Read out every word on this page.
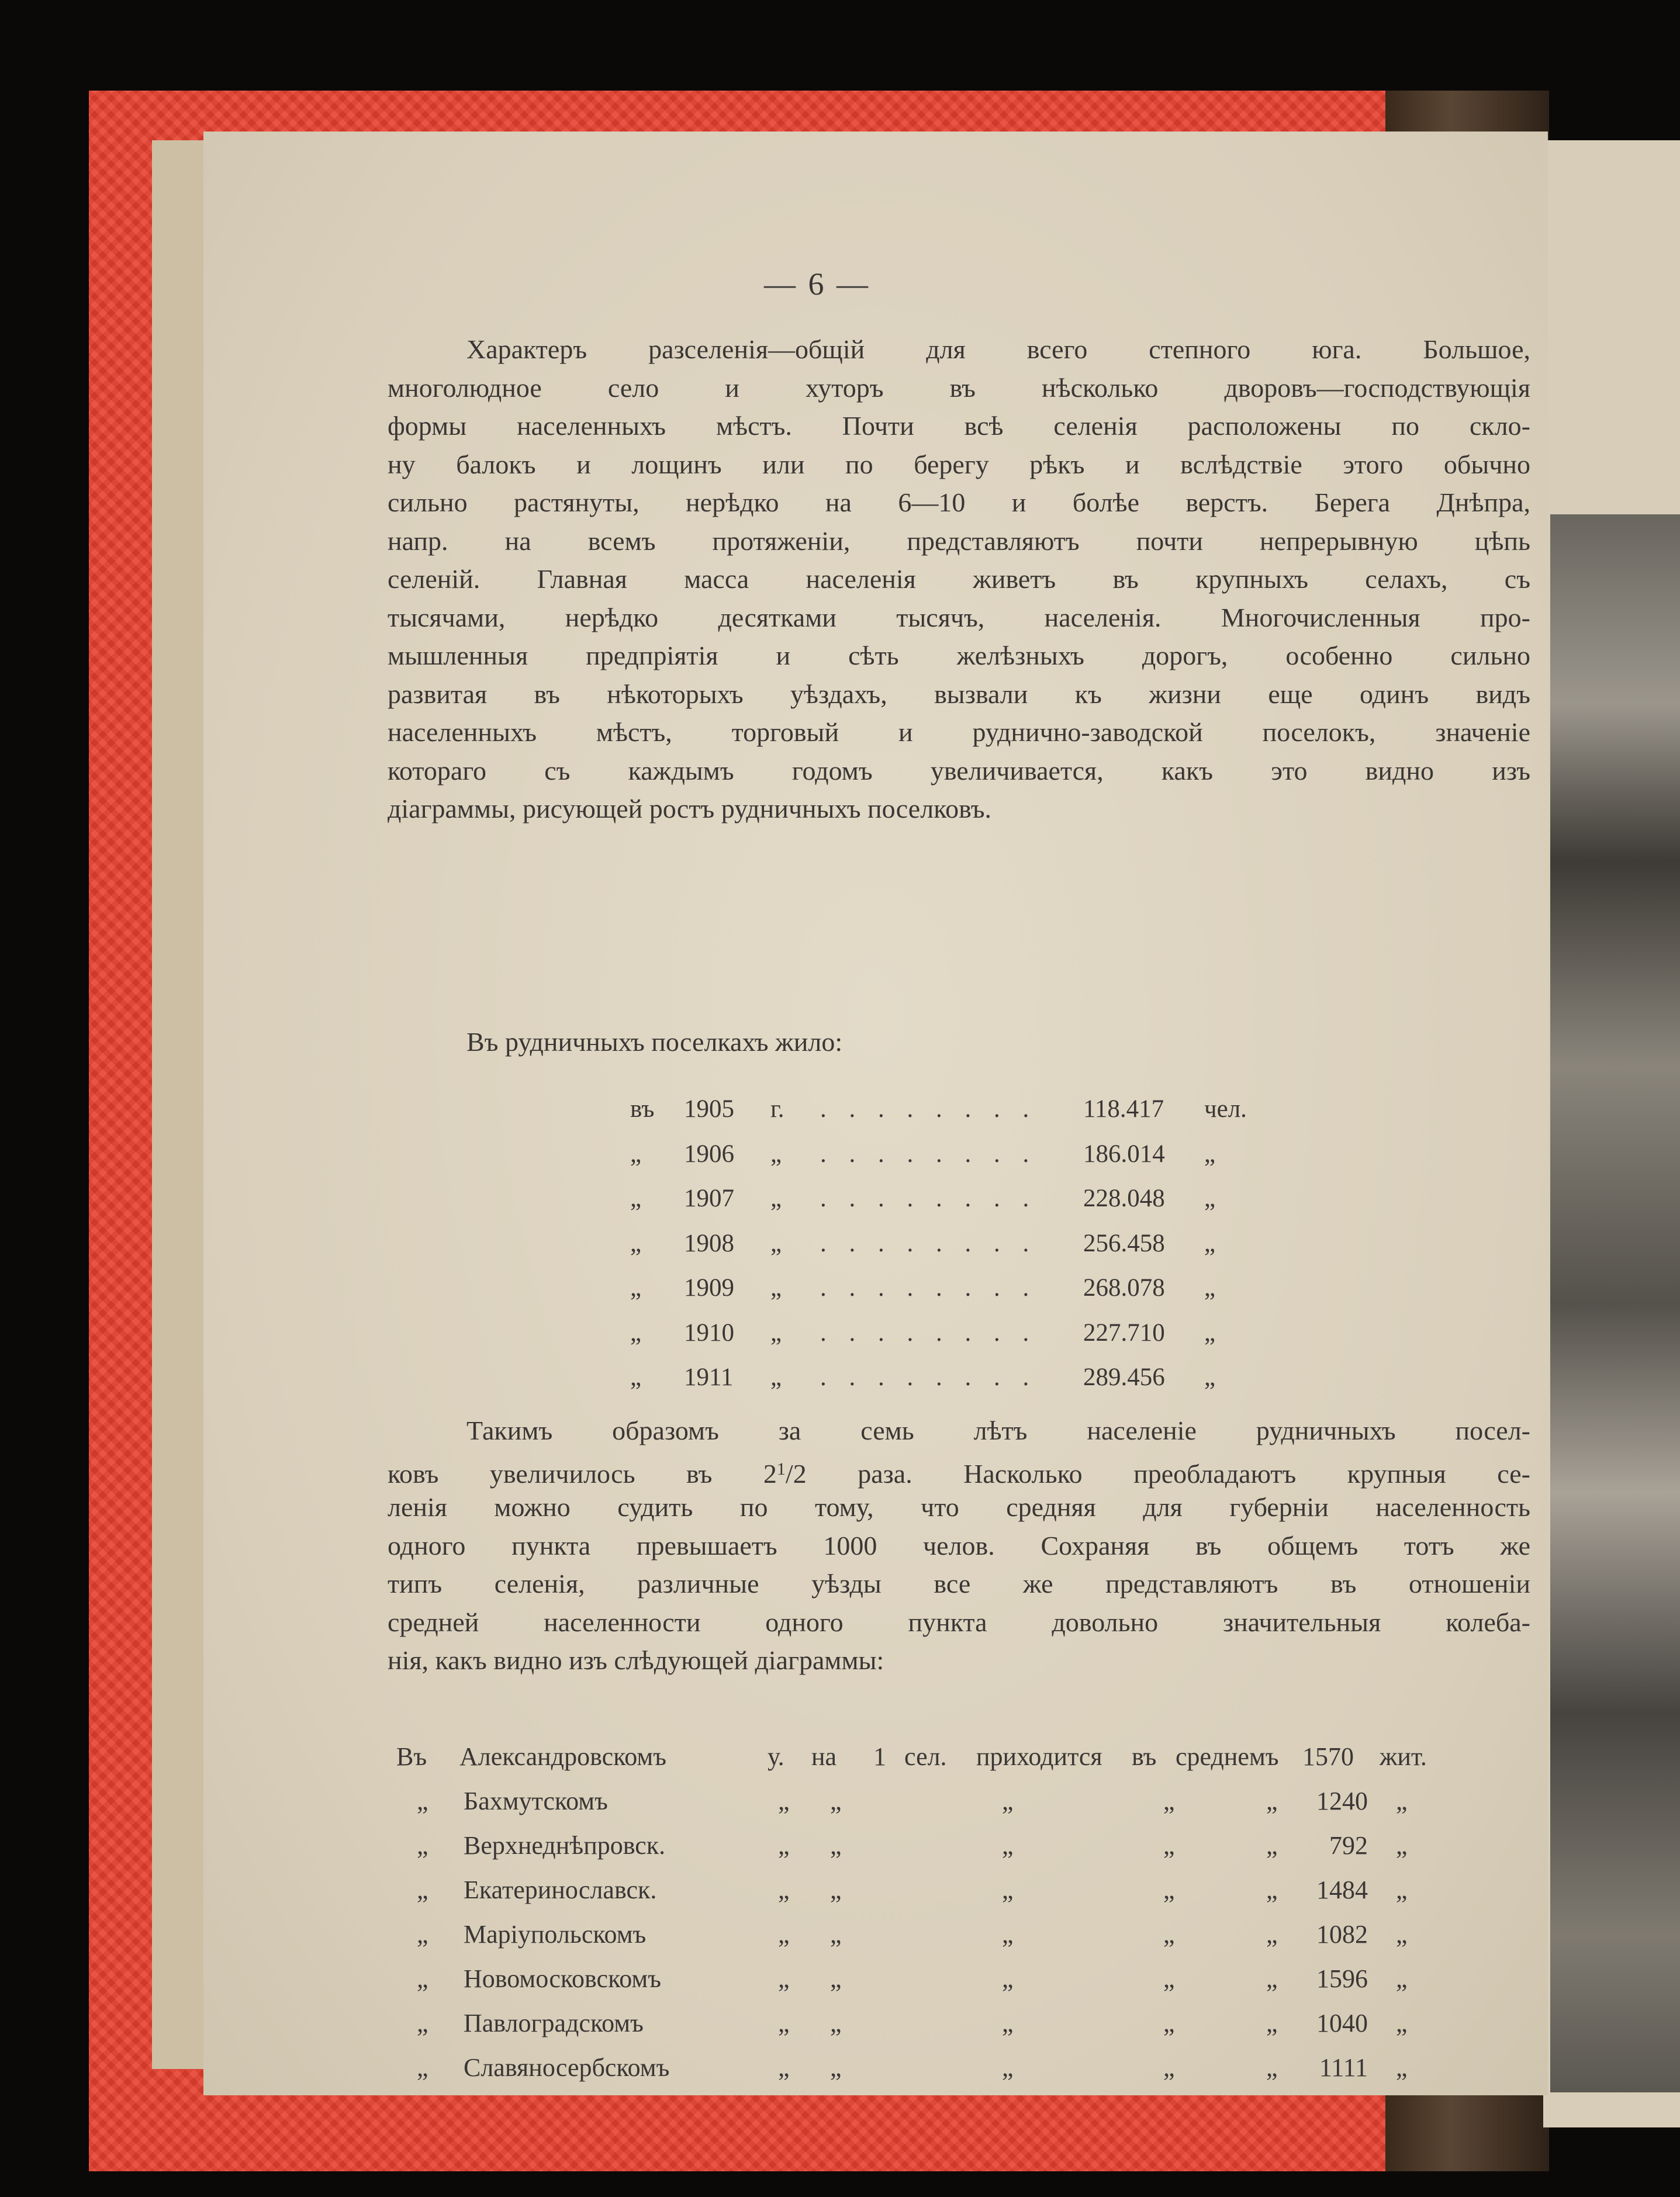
— 6 —
Характеръ разселенія—общій для всего степного юга. Большое,
многолюдное село и хуторъ въ нѣсколько дворовъ—господствующія
формы населенныхъ мѣстъ. Почти всѣ селенія расположены по скло-
ну балокъ и лощинъ или по берегу рѣкъ и вслѣдствіе этого обычно
сильно растянуты, нерѣдко на 6—10 и болѣе верстъ. Берега Днѣпра,
напр. на всемъ протяженіи, представляютъ почти непрерывную цѣпь
селеній. Главная масса населенія живетъ въ крупныхъ селахъ, съ
тысячами, нерѣдко десятками тысячъ, населенія. Многочисленныя про-
мышленныя предпріятія и сѣть желѣзныхъ дорогъ, особенно сильно
развитая въ нѣкоторыхъ уѣздахъ, вызвали къ жизни еще одинъ видъ
населенныхъ мѣстъ, торговый и руднично-заводской поселокъ, значеніе
котораго съ каждымъ годомъ увеличивается, какъ это видно изъ
діаграммы, рисующей ростъ рудничныхъ поселковъ.
Въ рудничныхъ поселкахъ жило:
въ 1905 г. . . . . . . . . 118.417 чел.
„ 1906 „ . . . . . . . . 186.014 „
„ 1907 „ . . . . . . . . 228.048 „
„ 1908 „ . . . . . . . . 256.458 „
„ 1909 „ . . . . . . . . 268.078 „
„ 1910 „ . . . . . . . . 227.710 „
„ 1911 „ . . . . . . . . 289.456 „
Такимъ образомъ за семь лѣтъ населеніе рудничныхъ посел-
ковъ увеличилось въ $2^1/2$ раза. Насколько преобладаютъ крупныя се-
ленія можно судить по тому, что средняя для губерніи населенность
одного пункта превышаетъ 1000 челов. Сохраняя въ общемъ тотъ же
типъ селенія, различные уѣзды все же представляютъ въ отношеніи
средней населенности одного пункта довольно значительныя колеба-
нія, какъ видно изъ слѣдующей діаграммы:
Въ Александровскомъ	у. на 1 сел. приходится въ среднемъ 1570 жит.
„ Бахмутскомъ	„ „	„	„	„ 1240 „
„ Верхнеднѣпровск.	„ „	„	„	„ 792 „
„ Екатеринославск.	„ „	„	„	„ 1484 „
„ Маріупольскомъ	„ „	„	„	„ 1082 „
„ Новомосковскомъ	„ „	„	„	„ 1596 „
„ Павлоградскомъ	„ „	„	„	„ 1040 „
„ Славяносербскомъ	„ „	„	„	„ 1111 „
